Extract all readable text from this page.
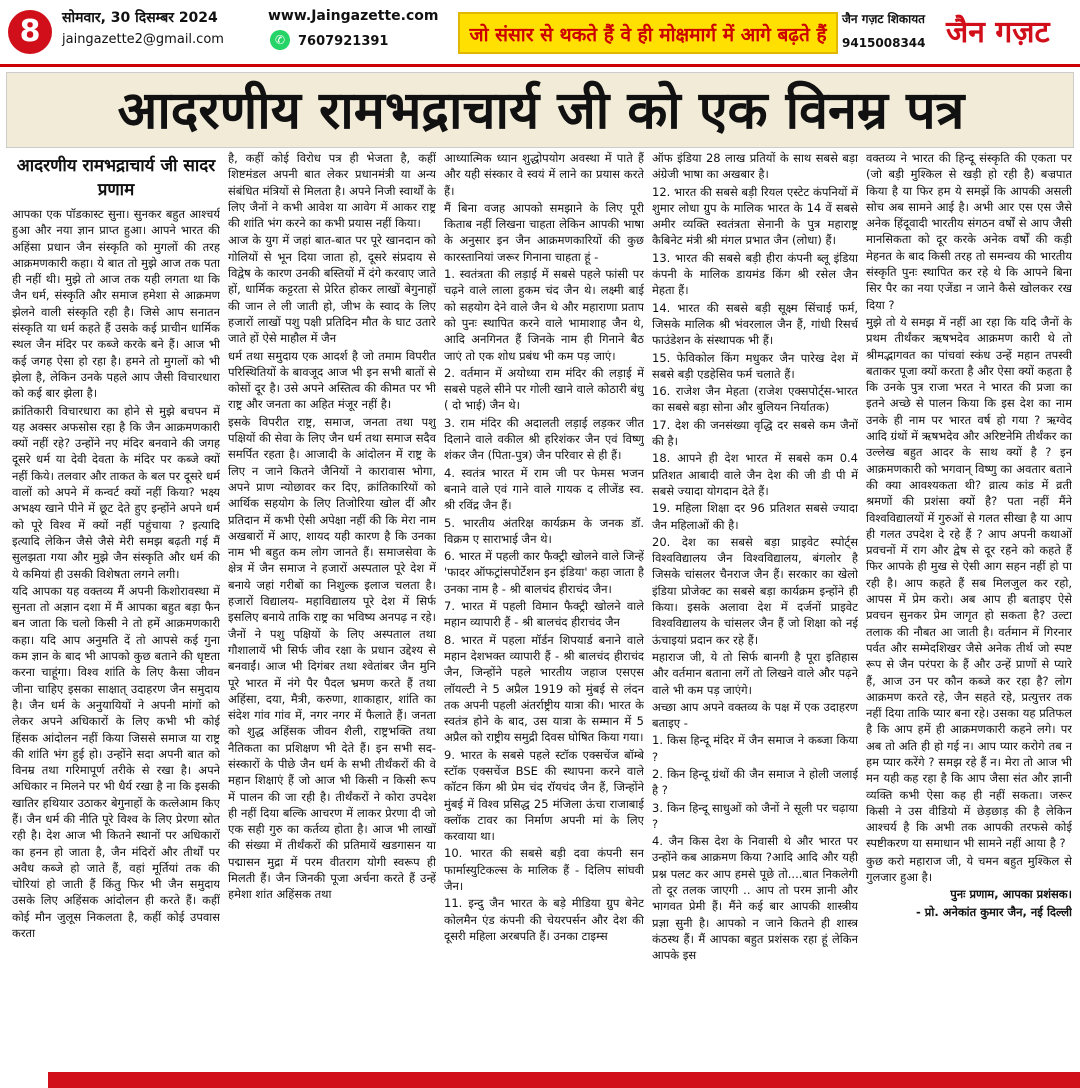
8	सोमवार, 30 दिसम्बर 2024
jaingazette2@gmail.com
www.Jaingazette.com
✆ 7607921391	जो संसार से थकते हैं वे ही मोक्षमार्ग में आगे बढ़ते हैं
जैन गज़ट शिकायत
9415008344 जैन गज़ट
आदरणीय रामभद्राचार्य जी को एक विनम्र पत्र
आदरणीय रामभद्राचार्य जी सादर प्रणाम

आपका एक पॉडकास्ट सुना। सुनकर बहुत आश्चर्य हुआ और नया ज्ञान प्राप्त हुआ। आपने भारत की अहिंसा प्रधान जैन संस्कृति को मुगलों की तरह आक्रमणकारी कहा। ये बात तो मुझे आज तक पता ही नहीं थी। मुझे तो आज तक यही लगता था कि जैन धर्म, संस्कृति और समाज हमेशा से आक्रमण झेलने वाली संस्कृति रही है। जिसे आप सनातन संस्कृति या धर्म कहते हैं उसके कई प्राचीन धार्मिक स्थल जैन मंदिर पर कब्जे करके बने हैं। आज भी कई जगह ऐसा हो रहा है। हमने तो मुगलों को भी झेला है, लेकिन उनके पहले आप जैसी विचारधारा को कई बार झेला है।

क्रांतिकारी विचारधारा का होने से मुझे बचपन में यह अक्सर अफसोस रहा है कि जैन आक्रमणकारी क्यों नहीं रहे? उन्होंने नए मंदिर बनवाने की जगह दूसरे धर्म या देवी देवता के मंदिर पर कब्जे क्यों नहीं किये। तलवार और ताकत के बल पर दूसरे धर्म वालों को अपने में कन्वर्ट क्यों नहीं किया? भक्ष्य अभक्ष्य खाने पीने में छूट देते हुए इन्होंने अपने धर्म को पूरे विश्व में क्यों नहीं पहुंचाया ? इत्यादि इत्यादि लेकिन जैसे जैसे मेरी समझ बढ़ती गई मैं सुलझता गया और मुझे जैन संस्कृति और धर्म की ये कमियां ही उसकी विशेषता लगने लगी।

यदि आपका यह वक्तव्य मैं अपनी किशोरावस्था में सुनता तो अज्ञान दशा में मैं आपका बहुत बड़ा फैन बन जाता कि चलो किसी ने तो हमें आक्रमणकारी कहा। यदि आप अनुमति दें तो आपसे कई गुना कम ज्ञान के बाद भी आपको कुछ बताने की धृष्टता करना चाहूंगा। विश्व शांति के लिए कैसा जीवन जीना चाहिए इसका साक्षात् उदाहरण जैन समुदाय है। जैन धर्म के अनुयायियों ने अपनी मांगों को लेकर अपने अधिकारों के लिए कभी भी कोई हिंसक आंदोलन नहीं किया जिससे समाज या राष्ट्र की शांति भंग हुई हो। उन्होंने सदा अपनी बात को विनम्र तथा गरिमापूर्ण तरीके से रखा है। अपने अधिकार न मिलने पर भी धैर्य रखा है ना कि इसकी खातिर हथियार उठाकर बेगुनाहों के कत्लेआम किए हैं। जैन धर्म की नीति पूरे विश्व के लिए प्रेरणा स्रोत रही है। देश आज भी कितने स्थानों पर अधिकारों का हनन हो जाता है, जैन मंदिरों और तीर्थों पर अवैध कब्जे हो जाते हैं, वहां मूर्तियां तक की चोरियां हो जाती हैं किंतु फिर भी जैन समुदाय उसके लिए अहिंसक आंदोलन ही करते हैं। कहीं कोई मौन जुलूस निकलता है, कहीं कोई उपवास करता

है, कहीं कोई विरोध पत्र ही भेजता है, कहीं शिष्टमंडल अपनी बात लेकर प्रधानमंत्री या अन्य संबंधित मंत्रियों से मिलता है। अपने निजी स्वार्थों के लिए जैनों ने कभी आवेश या आवेग में आकर राष्ट्र की शांति भंग करने का कभी प्रयास नहीं किया।

आज के युग में जहां बात-बात पर पूरे खानदान को गोलियों से भून दिया जाता हो, दूसरे संप्रदाय से विद्वेष के कारण उनकी बस्तियों में दंगे करवाए जाते हों, धार्मिक कट्टरता से प्रेरित होकर लाखों बेगुनाहों की जान ले ली जाती हो, जीभ के स्वाद के लिए हजारों लाखों पशु पक्षी प्रतिदिन मौत के घाट उतारे जाते हों ऐसे माहौल में जैन

धर्म तथा समुदाय एक आदर्श है जो तमाम विपरीत परिस्थितियों के बावजूद आज भी इन सभी बातों से कोसों दूर है। उसे अपने अस्तित्व की कीमत पर भी राष्ट्र और जनता का अहित मंजूर नहीं है।

इसके विपरीत राष्ट्र, समाज, जनता तथा पशु पक्षियों की सेवा के लिए जैन धर्म तथा समाज सदैव समर्पित रहता है। आजादी के आंदोलन में राष्ट्र के लिए न जाने कितने जैनियों ने कारावास भोगा, अपने प्राण न्योछावर कर दिए, क्रांतिकारियों को आर्थिक सहयोग के लिए तिजोरिया खोल दीं और प्रतिदान में कभी ऐसी अपेक्षा नहीं की कि मेरा नाम अखबारों में आए, शायद यही कारण है कि उनका नाम भी बहुत कम लोग जानते हैं। समाजसेवा के क्षेत्र में जैन समाज ने हजारों अस्पताल पूरे देश में बनाये जहां गरीबों का निशुल्क इलाज चलता है। हजारों विद्यालय- महाविद्यालय पूरे देश में सिर्फ इसलिए बनाये ताकि राष्ट्र का भविष्य अनपढ़ न रहे। जैनों ने पशु पक्षियों के लिए अस्पताल तथा गौशालायें भी सिर्फ जीव रक्षा के प्रधान उद्देश्य से बनवाईं। आज भी दिगंबर तथा श्वेतांबर जैन मुनि पूरे भारत में नंगे पैर पैदल भ्रमण करते हैं तथा अहिंसा, दया, मैत्री, करुणा, शाकाहार, शांति का संदेश गांव गांव में, नगर नगर में फैलाते हैं। जनता को शुद्ध अहिंसक जीवन शैली, राष्ट्रभक्ति तथा नैतिकता का प्रशिक्षण भी देते हैं। इन सभी सद-संस्कारों के पीछे जैन धर्म के सभी तीर्थंकरों की वे महान शिक्षाएं हैं जो आज भी किसी न किसी रूप में पालन की जा रही है। तीर्थंकरों ने कोरा उपदेश ही नहीं दिया बल्कि आचरण में लाकर प्रेरणा दी जो एक सही गुरु का कर्तव्य होता है। आज भी लाखों की संख्या में तीर्थंकरों की प्रतिमायें खडगासन या पद्मासन मुद्रा में परम वीतराग योगी स्वरूप ही मिलती हैं। जैन जिनकी पूजा अर्चना करते हैं उन्हें हमेशा शांत अहिंसक तथा

आध्यात्मिक ध्यान शुद्धोपयोग अवस्था में पाते हैं और यही संस्कार वे स्वयं में लाने का प्रयास करते हैं।

मैं बिना वजह आपको समझाने के लिए पूरी किताब नहीं लिखना चाहता लेकिन आपकी भाषा के अनुसार इन जैन आक्रमणकारियों की कुछ कारस्तानियां जरूर गिनाना चाहता हूं -

1. स्वतंत्रता की लड़ाई में सबसे पहले फांसी पर चढ़ने वाले लाला हुकम चंद जैन थे। लक्ष्मी बाई को सहयोग देने वाले जैन थे और महाराणा प्रताप को पुनः स्थापित करने वाले भामाशाह जैन थे, आदि अनगिनत हैं जिनके नाम ही गिनाने बैठ जाएं तो एक शोध प्रबंध भी कम पड़ जाएं।

2. वर्तमान में अयोध्या राम मंदिर की लड़ाई में सबसे पहले सीने पर गोली खाने वाले कोठारी बंधु ( दो भाई) जैन थे।

3. राम मंदिर की अदालती लड़ाई लड़कर जीत दिलाने वाले वकील श्री हरिशंकर जैन एवं विष्णु शंकर जैन (पिता-पुत्र) जैन परिवार से ही हैं।

4. स्वतंत्र भारत में राम जी पर फेमस भजन बनाने वाले एवं गाने वाले गायक द लीजेंड स्व. श्री रविंद्र जैन हैं।

5. भारतीय अंतरिक्ष कार्यक्रम के जनक डॉ. विक्रम ए साराभाई जैन थे।

6. भारत में पहली कार फैक्ट्री खोलने वाले जिन्हें 'फादर ऑफट्रांसपोर्टेशन इन इंडिया' कहा जाता है उनका नाम है - श्री बालचंद हीराचंद जैन।

7. भारत में पहली विमान फैक्ट्री खोलने वाले महान व्यापारी हैं - श्री बालचंद हीराचंद जैन

8. भारत में पहला मॉर्डन शिपयार्ड बनाने वाले महान देशभक्त व्यापारी हैं - श्री बालचंद हीराचंद जैन, जिन्होंने पहले भारतीय जहाज एसएस लॉयल्टी ने 5 अप्रैल 1919 को मुंबई से लंदन तक अपनी पहली अंतर्राष्ट्रीय यात्रा की। भारत के स्वतंत्र होने के बाद, उस यात्रा के सम्मान में 5 अप्रैल को राष्ट्रीय समुद्री दिवस घोषित किया गया।

9. भारत के सबसे पहले स्टॉक एक्सचेंज बॉम्बे स्टॉक एक्सचेंज BSE की स्थापना करने वाले कॉटन किंग श्री प्रेम चंद रॉयचंद जैन हैं, जिन्होंने मुंबई में विश्व प्रसिद्ध 25 मंजिला ऊंचा राजाबाई क्लॉक टावर का निर्माण अपनी मां के लिए करवाया था।

10. भारत की सबसे बड़ी दवा कंपनी सन फार्मास्युटिकल्स के मालिक हैं - दिलिप सांघवी जैन।

11. इन्दु जैन भारत के बड़े मीडिया ग्रुप बेनेट कोलमैन एंड कंपनी की चेयरपर्सन और देश की दूसरी महिला अरबपति हैं। उनका टाइम्स

ऑफ इंडिया 28 लाख प्रतियों के साथ सबसे बड़ा अंग्रेजी भाषा का अखबार है।

12. भारत की सबसे बड़ी रियल एस्टेट कंपनियों में शुमार लोधा ग्रुप के मालिक भारत के 14 वें सबसे अमीर व्यक्ति स्वतंत्रता सेनानी के पुत्र महाराष्ट्र कैबिनेट मंत्री श्री मंगल प्रभात जैन (लोधा) हैं।

13. भारत की सबसे बड़ी हीरा कंपनी ब्लू इंडिया कंपनी के मालिक डायमंड किंग श्री रसेल जैन मेहता हैं।

14. भारत की सबसे बड़ी सूक्ष्म सिंचाई फर्म, जिसके मालिक श्री भंवरलाल जैन हैं, गांधी रिसर्च फाउंडेशन के संस्थापक भी हैं।

15. फेविकोल किंग मधुकर जैन पारेख देश में सबसे बड़ी एडहेसिव फर्म चलाते हैं।

16. राजेश जैन मेहता (राजेश एक्सपोर्ट्स-भारत का सबसे बड़ा सोना और बुलियन निर्यातक)

17. देश की जनसंख्या वृद्धि दर सबसे कम जैनों की है।

18. आपने ही देश भारत में सबसे कम 0.4 प्रतिशत आबादी वाले जैन देश की जी डी पी में सबसे ज्यादा योगदान देते हैं।

19. महिला शिक्षा दर 96 प्रतिशत सबसे ज्यादा जैन महिलाओं की है।

20. देश का सबसे बड़ा प्राइवेट स्पोर्ट्स विश्वविद्यालय जैन विश्वविद्यालय, बंगलोर है जिसके चांसलर चैनराज जैन हैं। सरकार का खेलो इंडिया प्रोजेक्ट का सबसे बड़ा कार्यक्रम इन्होंने ही किया। इसके अलावा देश में दर्जनों प्राइवेट विश्वविद्यालय के चांसलर जैन हैं जो शिक्षा को नई ऊंचाइयां प्रदान कर रहे हैं।

महाराज जी, ये तो सिर्फ बानगी है पूरा इतिहास और वर्तमान बताना लगें तो लिखने वाले और पढ़ने वाले भी कम पड़ जाएंगे।

अच्छा आप अपने वक्तव्य के पक्ष में एक उदाहरण बताइए -

1. किस हिन्दू मंदिर में जैन समाज ने कब्जा किया ?

2. किन हिन्दू ग्रंथों की जैन समाज ने होली जलाई है ?

3. किन हिन्दू साधुओं को जैनों ने सूली पर चढ़ाया ?

4. जैन किस देश के निवासी थे और भारत पर उन्होंने कब आक्रमण किया ?आदि आदि और यही प्रश्न पलट कर आप हमसे पूछे तो....बात निकलेगी तो दूर तलक जाएगी .. आप तो परम ज्ञानी और भागवत प्रेमी हैं। मैंने कई बार आपकी शास्त्रीय प्रज्ञा सुनी है। आपको न जाने कितने ही शास्त्र कंठस्थ हैं। मैं आपका बहुत प्रशंसक रहा हूं लेकिन आपके इस

वक्तव्य ने भारत की हिन्दू संस्कृति की एकता पर (जो बड़ी मुश्किल से खड़ी हो रही है) बज्रपात किया है या फिर हम ये समझें कि आपकी असली सोच अब सामने आई है। अभी आर एस एस जैसे अनेक हिंदूवादी भारतीय संगठन वर्षों से आप जैसी मानसिकता को दूर करके अनेक वर्षों की कड़ी मेहनत के बाद किसी तरह तो समन्वय की भारतीय संस्कृति पुनः स्थापित कर रहे थे कि आपने बिना सिर पैर का नया एजेंडा न जाने कैसे खोलकर रख दिया ?

मुझे तो ये समझ में नहीं आ रहा कि यदि जैनों के प्रथम तीर्थंकर ऋषभदेव आक्रमण कारी थे तो श्रीमद्भागवत का पांचवां स्कंध उन्हें महान तपस्वी बताकर पूजा क्यों करता है और ऐसा क्यों कहता है कि उनके पुत्र राजा भरत ने भारत की प्रजा का इतने अच्छे से पालन किया कि इस देश का नाम उनके ही नाम पर भारत वर्ष हो गया ? ऋग्वेद आदि ग्रंथों में ऋषभदेव और अरिष्टनेमि तीर्थंकर का उल्लेख बहुत आदर के साथ क्यों है ? इन आक्रमणकारी को भगवान् विष्णु का अवतार बताने की क्या आवश्यकता थी? व्रात्य कांड में व्रती श्रमणों की प्रशंसा क्यों है? पता नहीं मैंने विश्वविद्यालयों में गुरुओं से गलत सीखा है या आप ही गलत उपदेश दे रहे हैं ? आप अपनी कथाओं प्रवचनों में राग और द्वेष से दूर रहने को कहते हैं फिर आपके ही मुख से ऐसी आग सहन नहीं हो पा रही है। आप कहते हैं सब मिलजुल कर रहो, आपस में प्रेम करो। अब आप ही बताइए ऐसे प्रवचन सुनकर प्रेम जागृत हो सकता है? उल्टा तलाक की नौबत आ जाती है। वर्तमान में गिरनार पर्वत और सम्मेदशिखर जैसे अनेक तीर्थ जो स्पष्ट रूप से जैन परंपरा के हैं और उन्हें प्राणों से प्यारे हैं, आज उन पर कौन कब्जे कर रहा है? लोग आक्रमण करते रहे, जैन सहते रहे, प्रत्युत्तर तक नहीं दिया ताकि प्यार बना रहे। उसका यह प्रतिफल है कि आप हमें ही आक्रमणकारी कहने लगे। पर अब तो अति ही हो गई न। आप प्यार करोगे तब न हम प्यार करेंगे ? समझ रहे हैं न। मेरा तो आज भी मन यही कह रहा है कि आप जैसा संत और ज्ञानी व्यक्ति कभी ऐसा कह ही नहीं सकता। जरूर किसी ने उस वीडियो में छेड़छाड़ की है लेकिन आश्चर्य है कि अभी तक आपकी तरफसे कोई स्पष्टीकरण या समाधान भी सामने नहीं आया है ?

कुछ करो महाराज जी, ये चमन बहुत मुश्किल से गुलजार हुआ है।

पुनः प्रणाम, आपका प्रशंसक।

- प्रो. अनेकांत कुमार जैन, नई दिल्ली
